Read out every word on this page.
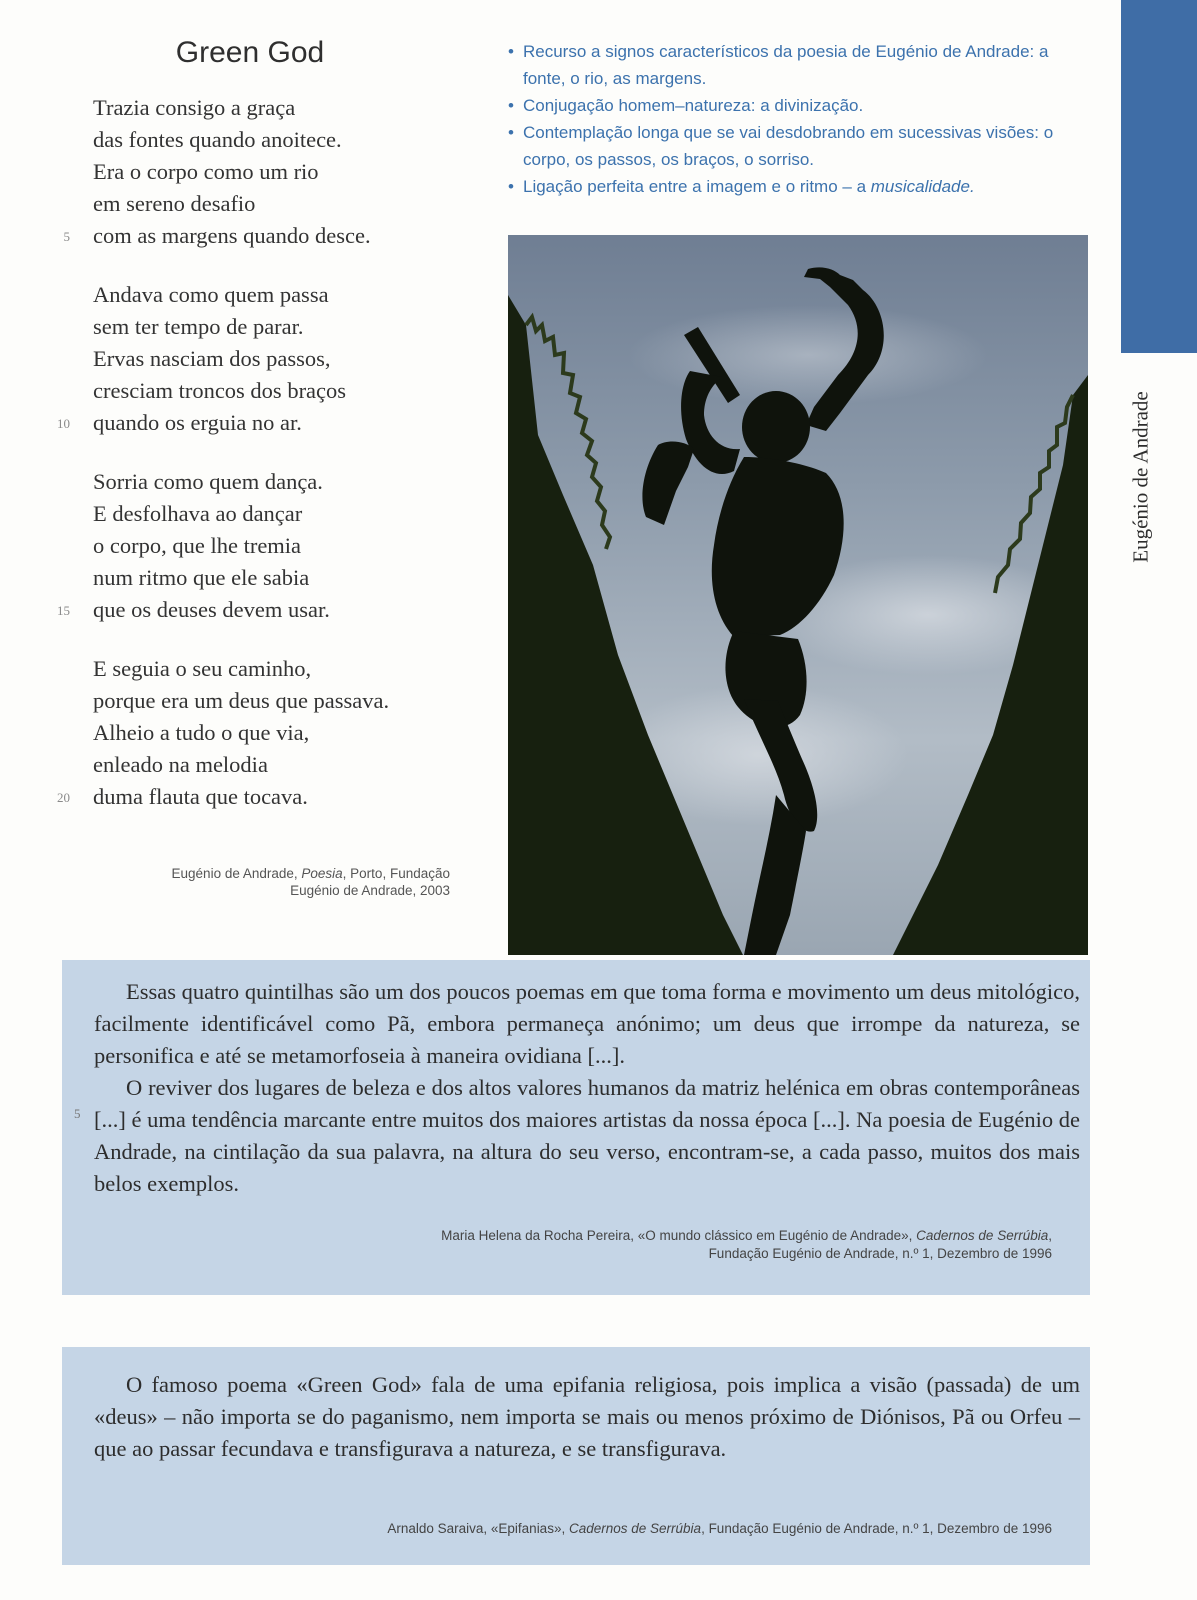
Green God
Trazia consigo a graça
das fontes quando anoitece.
Era o corpo como um rio
em sereno desafio
5 com as margens quando desce.
Andava como quem passa
sem ter tempo de parar.
Ervas nasciam dos passos,
cresciam troncos dos braços
10 quando os erguia no ar.
Sorria como quem dança.
E desfolhava ao dançar
o corpo, que lhe tremia
num ritmo que ele sabia
15 que os deuses devem usar.
E seguia o seu caminho,
porque era um deus que passava.
Alheio a tudo o que via,
enleado na melodia
20 duma flauta que tocava.
Eugénio de Andrade, Poesia, Porto, Fundação
Eugénio de Andrade, 2003
• Recurso a signos característicos da poesia de Eugénio de Andrade: a fonte, o rio, as margens.
• Conjugação homem–natureza: a divinização.
• Contemplação longa que se vai desdobrando em sucessivas visões: o corpo, os passos, os braços, o sorriso.
• Ligação perfeita entre a imagem e o ritmo – a musicalidade.
Eugénio de Andrade

Essas quatro quintilhas são um dos poucos poemas em que toma forma e movimento um deus mitológico, facilmente identificável como Pã, embora permaneça anónimo; um deus que irrompe da natureza, se personifica e até se metamorfoseia à maneira ovidiana [...].

O reviver dos lugares de beleza e dos altos valores humanos da matriz helénica em obras contemporâneas [...] é uma tendência marcante entre muitos dos maiores artistas da nossa época [...]. Na poesia de Eugénio de Andrade, na cintilação da sua palavra, na altura do seu verso, encontram-se, a cada passo, muitos dos mais belos exemplos.

5
Maria Helena da Rocha Pereira, «O mundo clássico em Eugénio de Andrade», Cadernos de Serrúbia,
Fundação Eugénio de Andrade, n.º 1, Dezembro de 1996

O famoso poema «Green God» fala de uma epifania religiosa, pois implica a visão (passada) de um «deus» – não importa se do paganismo, nem importa se mais ou menos próximo de Diónisos, Pã ou Orfeu – que ao passar fecundava e transfigurava a natureza, e se transfigurava.

Arnaldo Saraiva, «Epifanias», Cadernos de Serrúbia, Fundação Eugénio de Andrade, n.º 1, Dezembro de 1996
